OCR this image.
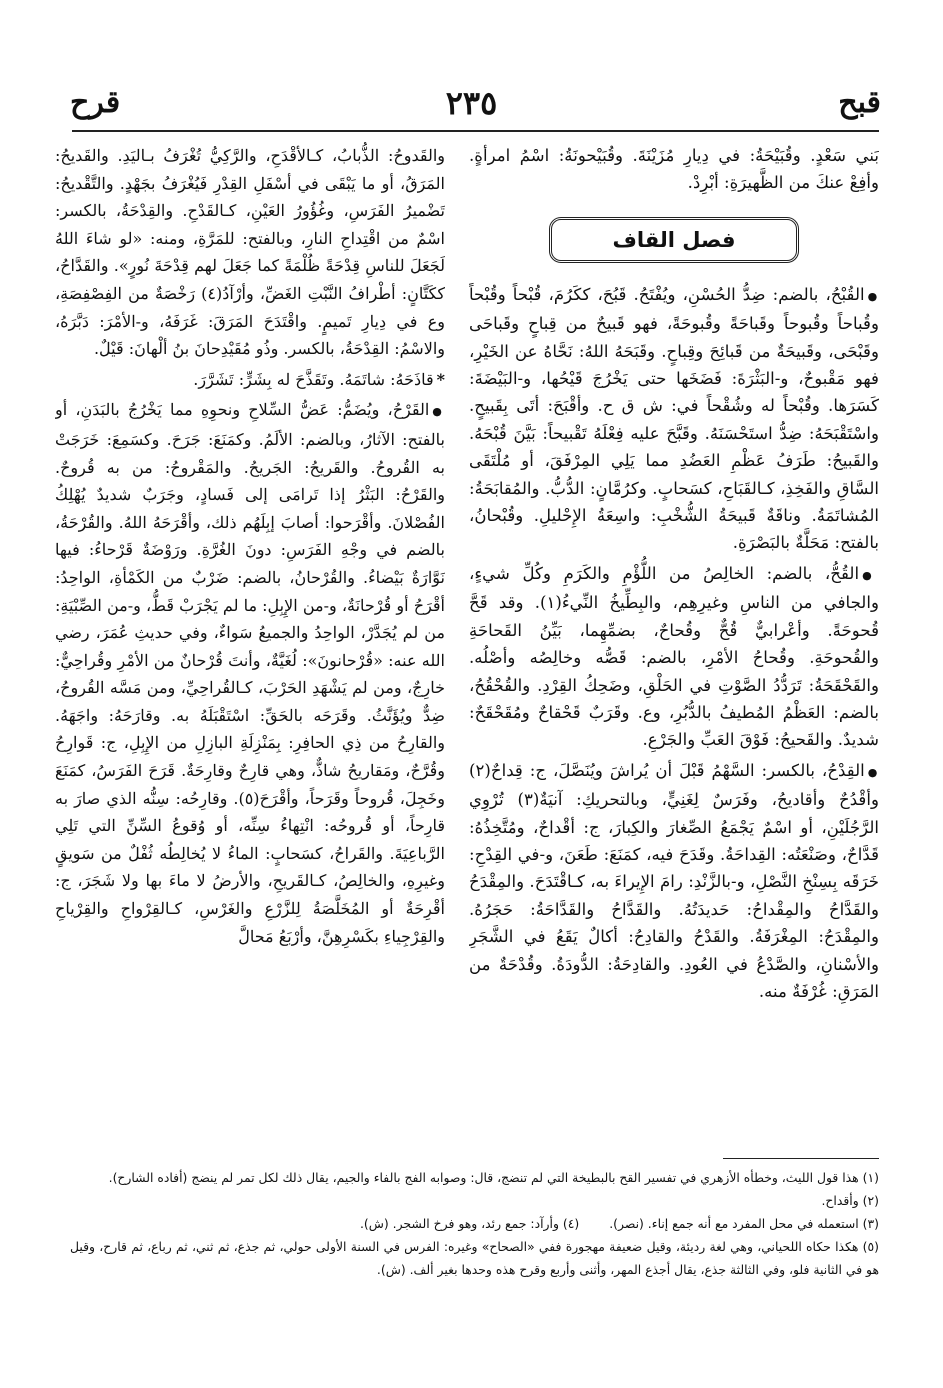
قبح
٢٣٥
قرح

بَني سَعْدٍ. وقُبَيْحَةُ: في دِيارِ مُزَيْنَةَ. وقُبَيْحونَةُ: اسْمُ امرأةٍ. وأفِعْ عنكَ من الظَّهيرَةِ: أبْرِدْ.

فصل القاف

● القُبْحُ، بالضم: ضِدُّ الحُسْنِ، ويُفْتَحُ. قَبُحَ، ككَرُمَ، قُبْحاً وقُبْحاً وقُباحاً وقُبوحاً وقَباحَةً وقُبوحَةً، فهو قَبيحٌ من قِباحٍ وقَباحَى وقَبْحَى، وقَبيحَةٌ من قَبائِحَ وقِباحٍ. وقَبَحَهُ اللهُ: نَحَّاهُ عن الخَيْرِ، فهو مَقْبوحٌ، و-البَثْرَةَ: فَضَخَها حتى يَخْرُجَ قَيْحُها، و-البَيْضَةَ: كَسَرَها. وقُبْحاً له وشُقْحاً في: ش ق ح. وأقْبَحَ: أتَى بِقَبيحٍ. واسْتَقْبَحَهُ: ضِدُّ استَحْسَنَهُ. وقَبَّحَ عليه فِعْلَهُ تَقْبيحاً: بَيَّنَ قُبْحَهُ. والقَبيحُ: طَرَفُ عَظْمِ العَضُدِ مما يَلِي المِرْفَقَ، أو مُلْتَقَى السَّاقِ والفَخِذِ، كـالقَبَاحِ، كسَحابٍ. وكرُمَّانٍ: الدُّبُّ. والمُقابَحَةُ: المُشاتَمَةُ. وناقَةٌ قَبيحَةُ الشُّخْبِ: واسِعَةُ الإِحْليلِ. وقُبْحانُ، بالفتح: مَحَلَّةٌ بالبَصْرَةِ.

● القُحُّ، بالضم: الخالِصُ من اللُّؤْمِ والكَرَمِ وكُلِّ شيءٍ، والجافي من الناسِ وغيرِهِم، والبِطِّيخُ النِّيءُ(١). وقد قَحَّ قُحوحَةً. وأعْرابيٌّ قُحٌّ وقُحاحٌ، بضمِّهِما، بَيِّنُ القَحاحَةِ والقُحوحَةِ. وقُحاحُ الأمْرِ، بالضم: قَصُّه وخالِصُه وأصْلُه. والقَحْقَحَةُ: تَرَدُّدُ الصَّوْتِ في الحَلْقِ، وضَحِكُ القِرْدِ. والقُحْقُحُ، بالضم: العَظْمُ المُطيفُ بالدُّبُرِ، وع. وقَرَبٌ قَحْقاحٌ ومُقَحْقَحٌ: شديدٌ. والقَحيحُ: فَوْقَ العَبِّ والجَرْعِ.

● القِدْحُ، بالكسر: السَّهْمُ قَبْلَ أن يُراشَ ويُنَصَّلَ، ج: قِداحٌ(٢) وأقْدُحٌ وأقاديحُ، وفَرَسٌ لِغَنِيٍّ، وبالتحريكِ: آنيَةٌ(٣) تُرْوِي الرَّجُلَيْنِ، أو اسْمٌ يَجْمَعُ الصِّغارَ والكِبارَ، ج: أقْداحٌ، ومُتَّخِذُهُ: قَدَّاحٌ، وصَنْعَتُه: القِداحَةُ. وقَدَحَ فيه، كمَنَعَ: طَعَنَ، و-في القِدْحِ: خَرَقَه بِسِنْخِ النَّصْلِ، و-بالزَّنْدِ: رامَ الإِيراءَ به، كـاقْتَدَحَ. والمِقْدَحُ والقَدَّاحُ والمِقْداحُ: حَديدَتُهُ. والقَدَّاحُ والقَدَّاحَةُ: حَجَرُهُ. والمِقْدَحُ: المِغْرَفَةُ. والقَدْحُ والقادِحُ: أكالٌ يَقَعُ في الشَّجَرِ والأسْنانِ، والصَّدْعُ في العُودِ. والقادِحَةُ: الدُّودَةُ. وقُدْحَةٌ من المَرَقِ: غُرْفَةٌ منه.

والقَدوحُ: الذُّبابُ، كـالأقْدَحِ، والرَّكِيُّ تُغْرَفُ بـاليَدِ. والقَديحُ: المَرَقُ، أو ما يَبْقَى في أسْفَلِ القِدْرِ فَيُغْرَفُ بجَهْدٍ. والتَّقْديحُ: تَضْميرُ الفَرَسِ، وغُؤُورُ العَيْنِ، كـالقَدْحِ. والقِدْحَةُ، بالكسر: اسْمٌ من اقْتِداحِ النارِ، وبالفتح: للمَرَّةِ، ومنه: «لو شاءَ اللهُ لَجَعَلَ للناسِ قِدْحَةً ظُلْمَةً كما جَعَلَ لهم قِدْحَةَ نُورٍ». والقَدَّاحُ، ككَتَّانٍ: أطْرافُ النَّبْتِ الغَضِّ، وأرْآدُ(٤) رَخْصَةٌ من الفِصْفِصَةِ، وع في دِيارِ تَميمٍ. واقْتَدَحَ المَرَقَ: غَرَفَهُ، و-الأمْرَ: دَبَّرَهُ، والاسْمُ: القِدْحَةُ، بالكسر. وذُو مُقَيْدِحانَ بنُ ألْهانَ: قَيْلٌ.

* قاذَحَهُ: شاتَمَهُ. وتَقَذَّحَ له بِشَرٍّ: تَشَرَّرَ.

● القَرْحُ، ويُضَمُّ: عَضُّ السِّلاحِ ونحوِهِ مما يَخْرُجُ بالبَدَنِ، أو بالفتح: الآثارُ، وبالضم: الألَمُ. وكمَنَعَ: جَرَحَ. وكسَمِعَ: خَرَجَتْ به القُروحُ. والقَريحُ: الجَريحُ. والمَقْروحُ: من به قُروحٌ. والقَرْحُ: البَثْرُ إذا تَرامَى إلى فَسادٍ، وجَرَبٌ شديدٌ يُهْلِكُ الفُصْلانَ. وأقْرَحوا: أصابَ إبِلَهُم ذلك، وأقْرَحَهُ اللهُ. والقُرْحَةُ، بالضم في وجْهِ الفَرَسِ: دونَ الغُرَّةِ. ورَوْضَةٌ قَرْحاءُ: فيها نَوَّارَةٌ بَيْضاءُ. والقُرْحانُ، بالضم: ضَرْبٌ من الكَمْأةِ، الواحِدُ: أقْرَحُ أو قُرْحانَةٌ، و-من الإِبِلِ: ما لم يَجْرَبْ قَطُّ، و-من الصِّبْيَةِ: من لم يُجَدَّرْ، الواحِدُ والجميعُ سَواءٌ، وفي حديثِ عُمَرَ، رضي الله عنه: «قُرْحانونَ»: لُغَيَّةٌ، وأنتَ قُرْحانٌ من الأمْرِ وقُراحِيٌّ: خارِجٌ، ومن لم يَشْهَدِ الحَرْبَ، كـالقُراحِيِّ، ومن مَسَّه القُروحُ، ضِدٌّ ويُؤَنَّثُ. وقَرَحَه بالحَقِّ: اسْتَقْبَلَهُ به. وقارَحَهُ: واجَهَهُ. والقارِحُ من ذِي الحافِرِ: بِمَنْزِلَةِ البازِلِ من الإِبِلِ، ج: قَوارِحُ وقُرَّحٌ، ومَقاريحُ شاذٌّ، وهي قارِحٌ وقارِحَةٌ. قَرَحَ الفَرَسُ، كمَنَعَ وخَجِلَ، قُروحاً وقَرَحاً، وأقْرَحَ(٥). وقارِحُه: سِنُّه الذي صارَ به قارِحاً، أو قُروحُه: انْتِهاءُ سِنِّه، أو وُقوعُ السِّنِّ التي تَلِي الرَّباعِيَةَ. والقَراحُ، كسَحابٍ: الماءُ لا يُخالِطُه ثُفْلٌ من سَويقٍ وغيرِهِ، والخالِصُ، كـالقَريحِ، والأرضُ لا ماءَ بها ولا شَجَرَ، ج: أقْرِحَةٌ أو المُخَلَّصَةُ لِلزَّرْعِ والغَرْسِ، كـالقِرْواحِ والقِرْياحِ والقِرْجِياءِ بكَسْرِهِنَّ، وأرْبَعُ مَحالَّ

(١) هذا قول الليث، وخطأه الأزهري في تفسير القح بالبطيخة التي لم تنضج، قال: وصوابه الفج بالفاء والجيم، يقال ذلك لكل تمر لم ينضج (أفاده الشارح).

(٢) وأقداح.

(٣) استعمله في محل المفرد مع أنه جمع إناء. (نصر).

(٤) وأرآد: جمع رئد، وهو فرخ الشجر. (ش).

(٥) هكذا حكاه اللحياني، وهي لغة رديئة، وقيل ضعيفة مهجورة ففي «الصحاح» وغيره: الفرس في السنة الأولى حولي، ثم جذع، ثم ثني، ثم رباع، ثم قارح، وقيل هو في الثانية فلو، وفي الثالثة جذع، يقال أجذع المهر، وأثنى وأربع وقرح هذه وحدها بغير ألف. (ش).
